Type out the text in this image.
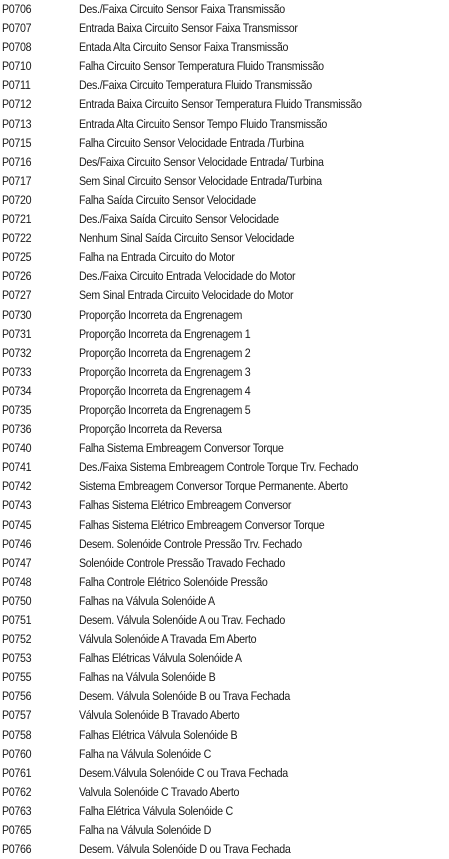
P0706	Des./Faixa Circuito Sensor Faixa Transmissão
P0707	Entrada Baixa Circuito Sensor Faixa Transmissor
P0708	Entada Alta Circuito Sensor Faixa Transmissão
P0710	Falha Circuito Sensor Temperatura Fluido Transmissão
P0711	Des./Faixa Circuito Temperatura Fluido Transmissão
P0712	Entrada Baixa Circuito Sensor Temperatura Fluido Transmissão
P0713	Entrada Alta Circuito Sensor Tempo Fluido Transmissão
P0715	Falha Circuito Sensor Velocidade Entrada /Turbina
P0716	Des/Faixa Circuito Sensor Velocidade Entrada/ Turbina
P0717	Sem Sinal Circuito Sensor Velocidade Entrada/Turbina
P0720	Falha Saída Circuito Sensor Velocidade
P0721	Des./Faixa Saída Circuito Sensor Velocidade
P0722	Nenhum Sinal Saída Circuito Sensor Velocidade
P0725	Falha na Entrada Circuito do Motor
P0726	Des./Faixa Circuito Entrada Velocidade do Motor
P0727	Sem Sinal Entrada Circuito Velocidade do Motor
P0730	Proporção Incorreta da Engrenagem
P0731	Proporção Incorreta da Engrenagem 1
P0732	Proporção Incorreta da Engrenagem 2
P0733	Proporção Incorreta da Engrenagem 3
P0734	Proporção Incorreta da Engrenagem 4
P0735	Proporção Incorreta da Engrenagem 5
P0736	Proporção Incorreta da Reversa
P0740	Falha Sistema Embreagem Conversor Torque
P0741	Des./Faixa Sistema Embreagem Controle Torque Trv. Fechado
P0742	Sistema Embreagem Conversor Torque Permanente. Aberto
P0743	Falhas Sistema Elétrico Embreagem Conversor
P0745	Falhas Sistema Elétrico Embreagem Conversor Torque
P0746	Desem. Solenóide Controle Pressão Trv. Fechado
P0747	Solenóide Controle Pressão Travado Fechado
P0748	Falha Controle Elétrico Solenóide Pressão
P0750	Falhas na Válvula Solenóide A
P0751	Desem. Válvula Solenóide A ou Trav. Fechado
P0752	Válvula Solenóide A Travada Em Aberto
P0753	Falhas Elétricas Válvula Solenóide A
P0755	Falhas na Válvula Solenóide B
P0756	Desem. Válvula Solenóide B ou Trava Fechada
P0757	Válvula Solenóide B Travado Aberto
P0758	Falhas Elétrica Válvula Solenóide B
P0760	Falha na Válvula Solenóide C
P0761	Desem.Válvula Solenóide C ou Trava Fechada
P0762	Valvula Solenóide C Travado Aberto
P0763	Falha Elétrica Válvula Solenóide C
P0765	Falha na Válvula Solenóide D
P0766	Desem. Válvula Solenóide D ou Trava Fechada
